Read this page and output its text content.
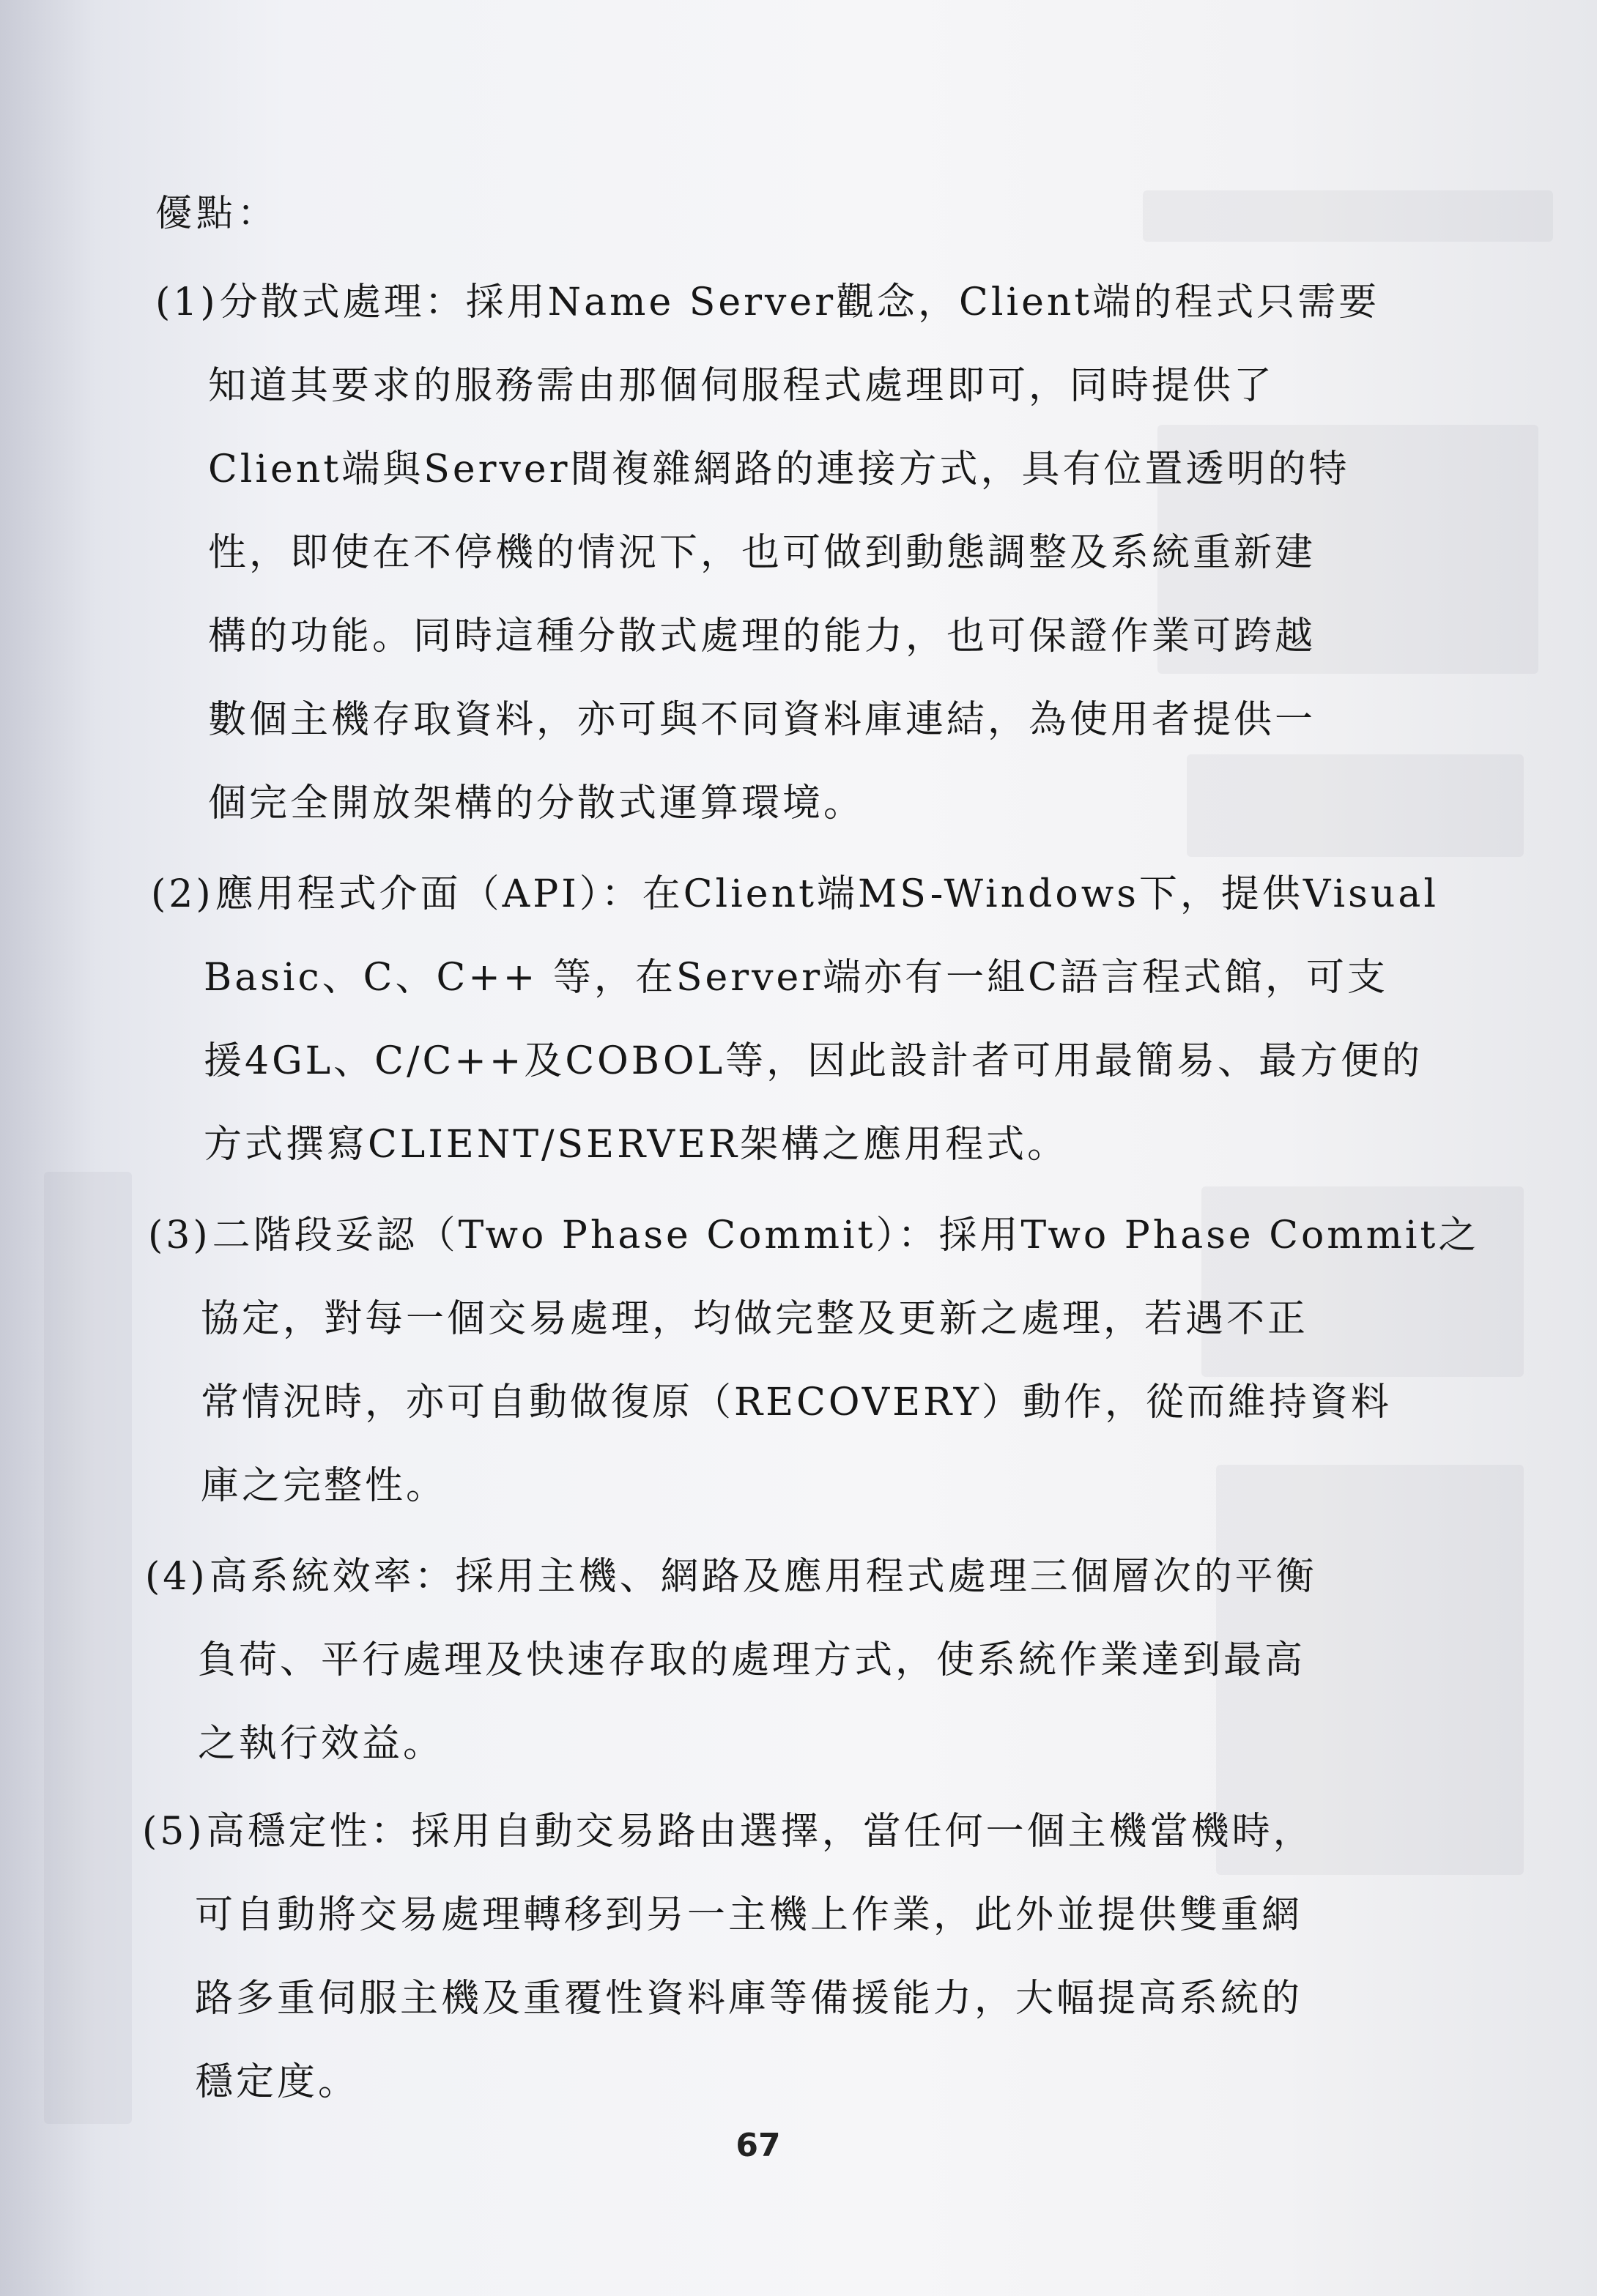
優點：
(1)分散式處理：採用Name Server觀念，Client端的程式只需要
知道其要求的服務需由那個伺服程式處理即可，同時提供了
Client端與Server間複雜網路的連接方式，具有位置透明的特
性，即使在不停機的情況下，也可做到動態調整及系統重新建
構的功能。同時這種分散式處理的能力，也可保證作業可跨越
數個主機存取資料，亦可與不同資料庫連結，為使用者提供一
個完全開放架構的分散式運算環境。
(2)應用程式介面（API）：在Client端MS-Windows下，提供Visual
Basic、C、C++ 等，在Server端亦有一組C語言程式館，可支
援4GL、C/C++及COBOL等，因此設計者可用最簡易、最方便的
方式撰寫CLIENT/SERVER架構之應用程式。
(3)二階段妥認（Two Phase Commit）：採用Two Phase Commit之
協定，對每一個交易處理，均做完整及更新之處理，若遇不正
常情況時，亦可自動做復原（RECOVERY）動作，從而維持資料
庫之完整性。
(4)高系統效率：採用主機、網路及應用程式處理三個層次的平衡
負荷、平行處理及快速存取的處理方式，使系統作業達到最高
之執行效益。
(5)高穩定性：採用自動交易路由選擇，當任何一個主機當機時，
可自動將交易處理轉移到另一主機上作業，此外並提供雙重網
路多重伺服主機及重覆性資料庫等備援能力，大幅提高系統的
穩定度。
67
